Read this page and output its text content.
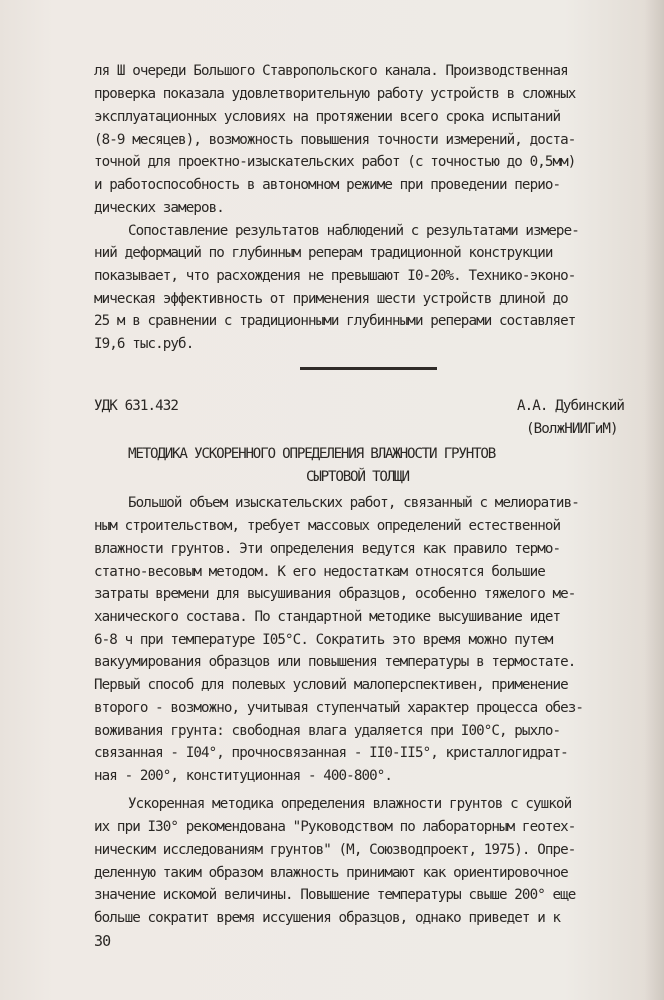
ля Ш очереди Большого Ставропольского канала. Производственная
проверка показала удовлетворительную работу устройств в сложных
эксплуатационных условиях на протяжении всего срока испытаний
(8-9 месяцев), возможность повышения точности измерений, доста-
точной для проектно-изыскательских работ (с точностью до 0,5мм)
и работоспособность в автономном режиме при проведении перио-
дических замеров.
Сопоставление результатов наблюдений с результатами измере-
ний деформаций по глубинным реперам традиционной конструкции
показывает, что расхождения не превышают I0-20%. Технико-эконо-
мическая эффективность от применения шести устройств длиной до
25 м в сравнении с традиционными глубинными реперами составляет
I9,6 тыс.руб.
УДК 631.432	А.А. Дубинский
(ВолжНИИГиМ)
МЕТОДИКА УСКОРЕННОГО ОПРЕДЕЛЕНИЯ ВЛАЖНОСТИ ГРУНТОВ
СЫРТОВОЙ ТОЛЩИ
Большой объем изыскательских работ, связанный с мелиоратив-
ным строительством, требует массовых определений естественной
влажности грунтов. Эти определения ведутся как правило термо-
статно-весовым методом. К его недостаткам относятся большие
затраты времени для высушивания образцов, особенно тяжелого ме-
ханического состава. По стандартной методике высушивание идет
6-8 ч при температуре I05°C. Сократить это время можно путем
вакуумирования образцов или повышения температуры в термостате.
Первый способ для полевых условий малоперспективен, применение
второго - возможно, учитывая ступенчатый характер процесса обез-
воживания грунта: свободная влага удаляется при I00°C, рыхло-
связанная - I04°, прочносвязанная - II0-II5°, кристаллогидрат-
ная - 200°, конституционная - 400-800°.
Ускоренная методика определения влажности грунтов с сушкой
их при I30° рекомендована "Руководством по лабораторным геотех-
ническим исследованиям грунтов" (М, Союзводпроект, 1975). Опре-
деленную таким образом влажность принимают как ориентировочное
значение искомой величины. Повышение температуры свыше 200° еще
больше сократит время иссушения образцов, однако приведет и к
30
